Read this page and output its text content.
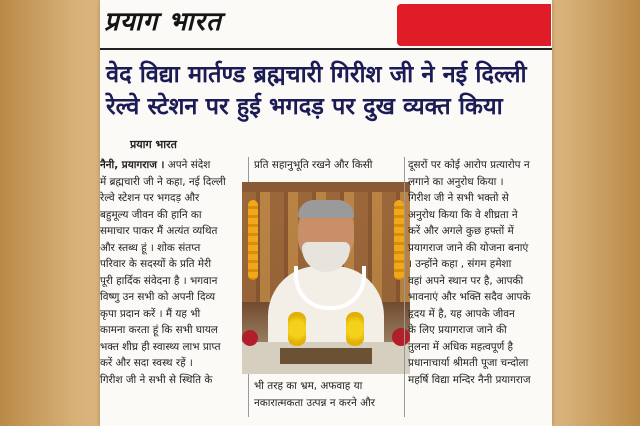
प्रयाग भारत
वेद विद्या मार्तण्ड ब्रह्मचारी गिरीश जी ने नई दिल्ली
रेल्वे स्टेशन पर हुई भगदड़ पर दुख व्यक्त किया
प्रयाग भारत

नैनी, प्रयागराज । अपने संदेश

में ब्रह्मचारी जी ने कहा, नई दिल्ली

रेल्वे स्टेशन पर भगदड़ और

बहुमूल्य जीवन की हानि का

समाचार पाकर मैं अत्यंत व्यथित

और स्तब्ध हूं । शोक संतप्त

परिवार के सदस्यों के प्रति मेरी

पूरी हार्दिक संवेदना है । भगवान

विष्णु उन सभी को अपनी दिव्य

कृपा प्रदान करें । मैं यह भी

कामना करता हूं कि सभी घायल

भक्त शीघ्र ही स्वास्थ्य लाभ प्राप्त

करें और सदा स्वस्थ रहें ।

गिरीश जी ने सभी से स्थिति के

प्रति सहानुभूति रखने और किसी

भी तरह का भ्रम, अफवाह या

नकारात्मकता उत्पन्न न करने और

दूसरों पर कोई आरोप प्रत्यारोप न

लगाने का अनुरोध किया ।

गिरीश जी ने सभी भक्तो से

अनुरोध किया कि वे शीघ्रता ने

करें और अगले कुछ हफ्तों में

प्रयागराज जाने की योजना बनाएं

। उन्होंने कहा , संगम हमेशा

वहां अपने स्थान पर है, आपकी

भावनाएं और भक्ति सदैव आपके

हृदय में है, यह आपके जीवन

के लिए प्रयागराज जाने की

तुलना में अधिक महत्वपूर्ण है

प्रधानाचार्या श्रीमती पूजा चन्दोला

महर्षि विद्या मन्दिर नैनी प्रयागराज
